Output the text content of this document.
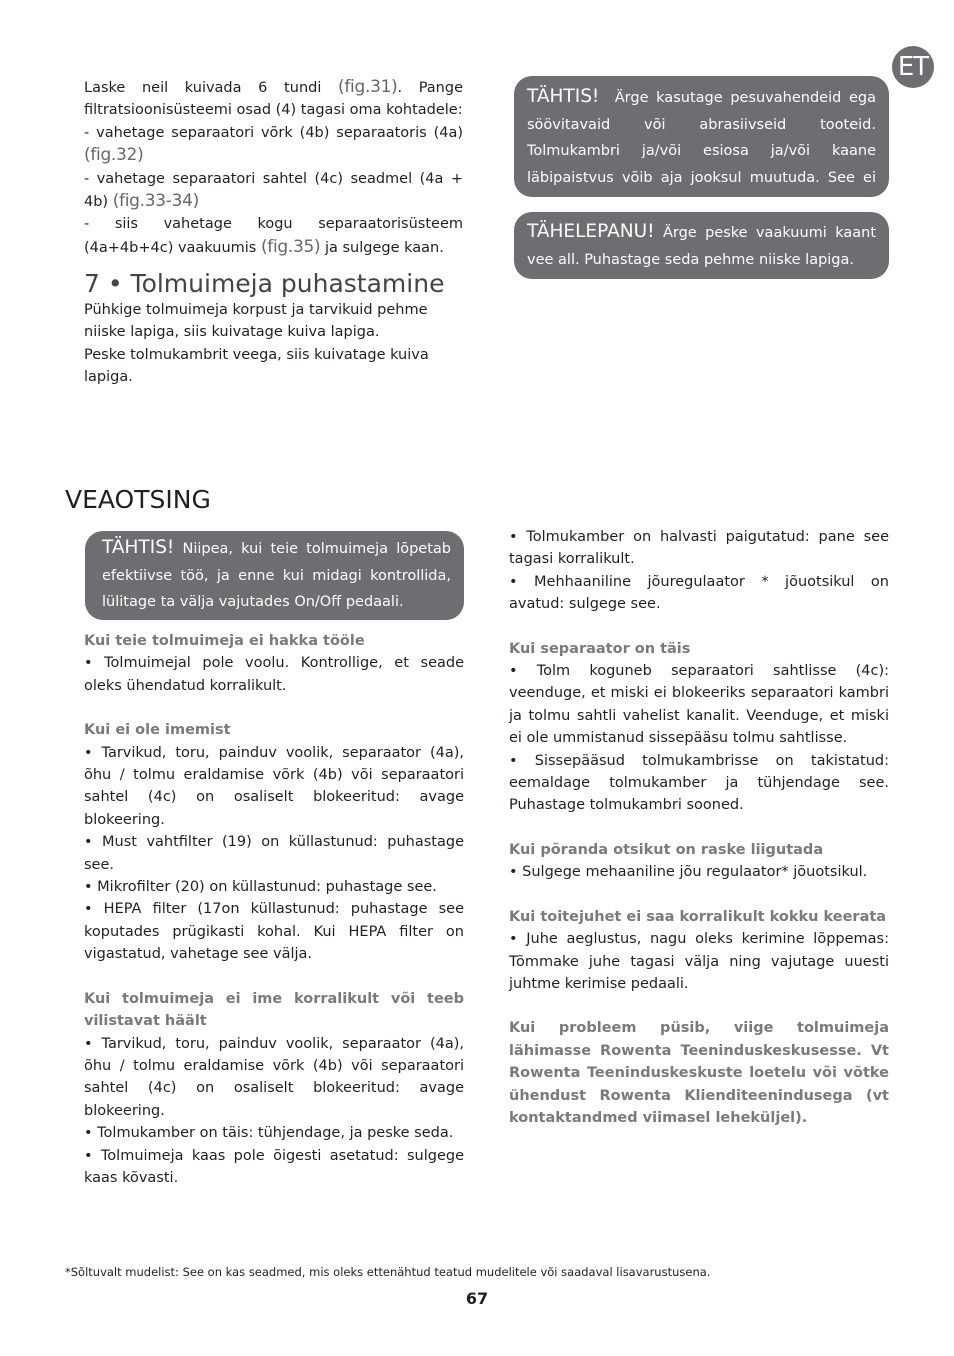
ET

Laske neil kuivada 6 tundi (fig.31). Pange filtratsioonisüsteemi osad (4) tagasi oma kohtadele:

- vahetage separaatori võrk (4b) separaatoris (4a) (fig.32)

- vahetage separaatori sahtel (4c) seadmel (4a + 4b) (fig.33-34)

- siis vahetage kogu separaatorisüsteem (4a+4b+4c) vaakuumis (fig.35) ja sulgege kaan.

7 • Tolmuimeja puhastamine

Pühkige tolmuimeja korpust ja tarvikuid pehme niiske lapiga, siis kuivatage kuiva lapiga.

Peske tolmukambrit veega, siis kuivatage kuiva lapiga.

TÄHTIS! Ärge kasutage pesuvahendeid ega söövitavaid või abrasiivseid tooteid. Tolmukambri ja/või esiosa ja/või kaane läbipaistvus võib aja jooksul muutuda. See ei mõjuta jõudlust.
TÄHELEPANU! Ärge peske vaakuumi kaant vee all. Puhastage seda pehme niiske lapiga.
VEAOTSING
TÄHTIS! Niipea, kui teie tolmuimeja lõpetab efektiivse töö, ja enne kui midagi kontrollida, lülitage ta välja vajutades On/Off pedaali.

Kui teie tolmuimeja ei hakka tööle

• Tolmuimejal pole voolu. Kontrollige, et seade oleks ühendatud korralikult.

Kui ei ole imemist

• Tarvikud, toru, painduv voolik, separaator (4a), õhu / tolmu eraldamise võrk (4b) või separaatori sahtel (4c) on osaliselt blokeeritud: avage blokeering.

• Must vahtfilter (19) on küllastunud: puhastage see.

• Mikrofilter (20) on küllastunud: puhastage see.

• HEPA filter (17on küllastunud: puhastage see koputades prügikasti kohal. Kui HEPA filter on vigastatud, vahetage see välja.

Kui tolmuimeja ei ime korralikult või teeb vilistavat häält

• Tarvikud, toru, painduv voolik, separaator (4a), õhu / tolmu eraldamise võrk (4b) või separaatori sahtel (4c) on osaliselt blokeeritud: avage blokeering.

• Tolmukamber on täis: tühjendage, ja peske seda.

• Tolmuimeja kaas pole õigesti asetatud: sulgege kaas kõvasti.

• Tolmukamber on halvasti paigutatud: pane see tagasi korralikult.

• Mehhaaniline jõuregulaator * jõuotsikul on avatud: sulgege see.

Kui separaator on täis

• Tolm koguneb separaatori sahtlisse (4c): veenduge, et miski ei blokeeriks separaatori kambri ja tolmu sahtli vahelist kanalit. Veenduge, et miski ei ole ummistanud sissepääsu tolmu sahtlisse.

• Sissepääsud tolmukambrisse on takistatud: eemaldage tolmukamber ja tühjendage see. Puhastage tolmukambri sooned.

Kui põranda otsikut on raske liigutada

• Sulgege mehaaniline jõu regulaator* jõuotsikul.

Kui toitejuhet ei saa korralikult kokku keerata

• Juhe aeglustus, nagu oleks kerimine lõppemas: Tõmmake juhe tagasi välja ning vajutage uuesti juhtme kerimise pedaali.

Kui probleem püsib, viige tolmuimeja lähimasse Rowenta Teeninduskeskusesse. Vt Rowenta Teeninduskeskuste loetelu või võtke ühendust Rowenta Klienditeenindusega (vt kontaktandmed viimasel leheküljel).

*Sõltuvalt mudelist: See on kas seadmed, mis oleks ettenähtud teatud mudelitele või saadaval lisavarustusena.
67
